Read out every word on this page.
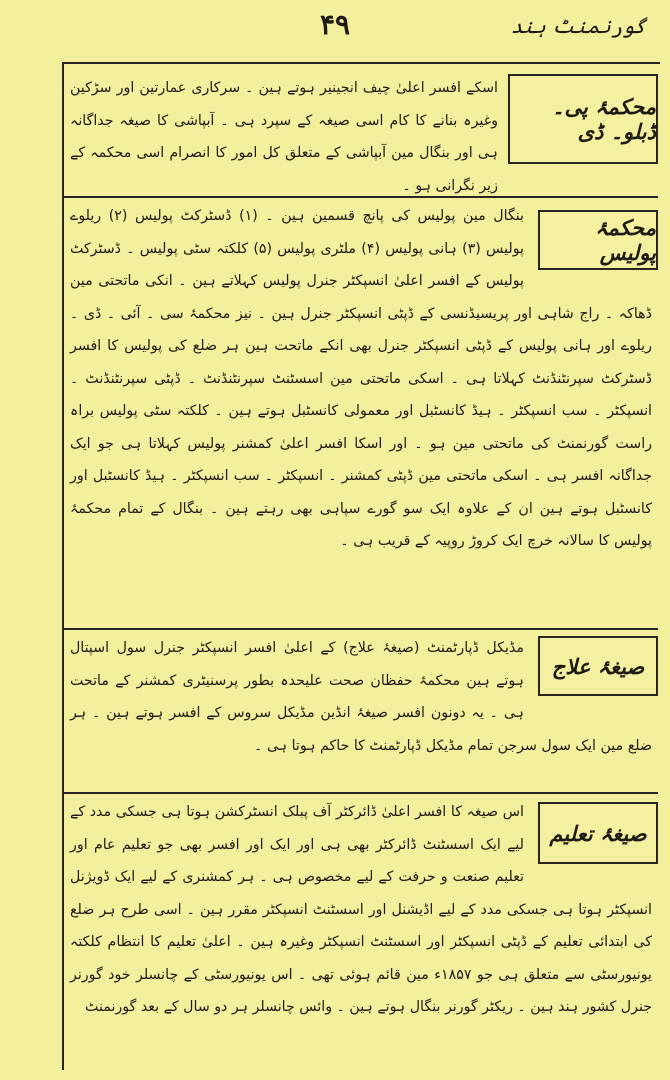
گورنمنٹ ہند
۴۹
محکمۂ پی۔ ڈبلو۔ ڈی
اسکے افسر اعلیٰ چیف انجینیر ہوتے ہین ۔ سرکاری عمارتین اور سڑکین وغیرہ بنانے کا کام اسی صیغہ کے سپرد ہی ۔ آبپاشی کا صیغہ جداگانہ ہی اور بنگال مین آبپاشی کے متعلق کل امور کا انصرام اسی محکمہ کے زیر نگرانی ہو ۔
محکمۂ پولیس
بنگال مین پولیس کی پانچ قسمین ہین ۔ (۱) ڈسٹرکٹ پولیس (۲) ریلوے پولیس (۳) ہانی پولیس (۴) ملٹری پولیس (۵) کلکتہ سٹی پولیس ۔ ڈسٹرکٹ پولیس کے افسر اعلیٰ انسپکٹر جنرل پولیس کہلاتے ہین ۔ انکی ماتحتی مین ڈھاکہ ۔ راج شاہی اور پریسیڈنسی کے ڈپٹی انسپکٹر جنرل ہین ۔ نیز محکمۂ سی ۔ آئی ۔ ڈی ۔ ریلوے اور ہانی پولیس کے ڈپٹی انسپکٹر جنرل بھی انکے ماتحت ہین ہر ضلع کی پولیس کا افسر ڈسٹرکٹ سپرنٹنڈنٹ کہلاتا ہی ۔ اسکی ماتحتی مین اسسٹنٹ سپرنٹنڈنٹ ۔ ڈپٹی سپرنٹنڈنٹ ۔ انسپکٹر ۔ سب انسپکٹر ۔ ہیڈ کانسٹبل اور معمولی کانسٹبل ہوتے ہین ۔ کلکتہ سٹی پولیس براہ راست گورنمنٹ کی ماتحتی مین ہو ۔ اور اسکا افسر اعلیٰ کمشنر پولیس کہلاتا ہی جو ایک جداگانہ افسر ہی ۔ اسکی ماتحتی مین ڈپٹی کمشنر ۔ انسپکٹر ۔ سب انسپکٹر ۔ ہیڈ کانسٹبل اور کانسٹبل ہوتے ہین ان کے علاوہ ایک سو گورے سپاہی بھی رہتے ہین ۔ بنگال کے تمام محکمۂ پولیس کا سالانہ خرچ ایک کروڑ روپیہ کے قریب ہی ۔
صیغۂ علاج
مڈیکل ڈپارٹمنٹ (صیغۂ علاج) کے اعلیٰ افسر انسپکٹر جنرل سول اسپتال ہوتے ہین محکمۂ حفظان صحت علیحدہ بطور پرسنیٹری کمشنر کے ماتحت ہی ۔ یہ دونون افسر صیغۂ انڈین مڈیکل سروس کے افسر ہوتے ہین ۔ ہر ضلع مین ایک سول سرجن تمام مڈیکل ڈپارٹمنٹ کا حاکم ہوتا ہی ۔
صیغۂ تعلیم
اس صیغہ کا افسر اعلیٰ ڈائرکٹر آف پبلک انسٹرکشن ہوتا ہی جسکی مدد کے لیے ایک اسسٹنٹ ڈائرکٹر بھی ہی اور ایک اور افسر بھی جو تعلیم عام اور تعلیم صنعت و حرفت کے لیے مخصوص ہی ۔ ہر کمشنری کے لیے ایک ڈویژنل انسپکٹر ہوتا ہی جسکی مدد کے لیے اڈیشنل اور اسسٹنٹ انسپکٹر مقرر ہین ۔ اسی طرح ہر ضلع کی ابتدائی تعلیم کے ڈپٹی انسپکٹر اور اسسٹنٹ انسپکٹر وغیرہ ہین ۔ اعلیٰ تعلیم کا انتظام کلکتہ یونیورسٹی سے متعلق ہی جو ۱۸۵۷ء مین قائم ہوئی تھی ۔ اس یونیورسٹی کے چانسلر خود گورنر جنرل کشور ہند ہین ۔ ریکٹر گورنر بنگال ہوتے ہین ۔ وائس چانسلر ہر دو سال کے بعد گورنمنٹ
